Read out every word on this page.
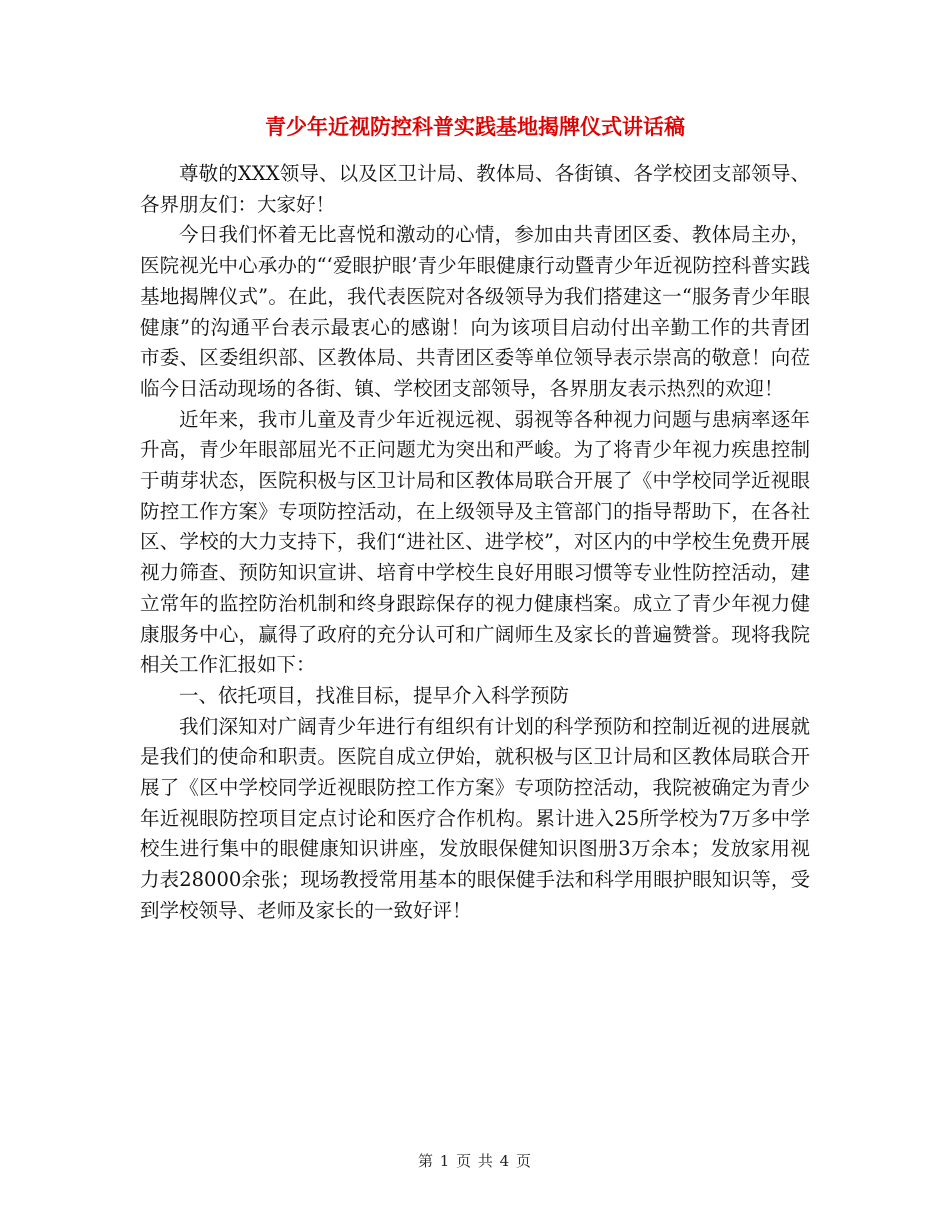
青少年近视防控科普实践基地揭牌仪式讲话稿

尊敬的XXX领导、以及区卫计局、教体局、各街镇、各学校团支部领导、各界朋友们：大家好！

今日我们怀着无比喜悦和激动的心情，参加由共青团区委、教体局主办，医院视光中心承办的“‘爱眼护眼’青少年眼健康行动暨青少年近视防控科普实践基地揭牌仪式”。在此，我代表医院对各级领导为我们搭建这一“服务青少年眼健康”的沟通平台表示最衷心的感谢！向为该项目启动付出辛勤工作的共青团市委、区委组织部、区教体局、共青团区委等单位领导表示崇高的敬意！向莅临今日活动现场的各街、镇、学校团支部领导，各界朋友表示热烈的欢迎！

近年来，我市儿童及青少年近视远视、弱视等各种视力问题与患病率逐年升高，青少年眼部屈光不正问题尤为突出和严峻。为了将青少年视力疾患控制于萌芽状态，医院积极与区卫计局和区教体局联合开展了《中学校同学近视眼防控工作方案》专项防控活动，在上级领导及主管部门的指导帮助下，在各社区、学校的大力支持下，我们“进社区、进学校”，对区内的中学校生免费开展视力筛查、预防知识宣讲、培育中学校生良好用眼习惯等专业性防控活动，建立常年的监控防治机制和终身跟踪保存的视力健康档案。成立了青少年视力健康服务中心，赢得了政府的充分认可和广阔师生及家长的普遍赞誉。现将我院相关工作汇报如下：

一、依托项目，找准目标，提早介入科学预防

我们深知对广阔青少年进行有组织有计划的科学预防和控制近视的进展就是我们的使命和职责。医院自成立伊始，就积极与区卫计局和区教体局联合开展了《区中学校同学近视眼防控工作方案》专项防控活动，我院被确定为青少年近视眼防控项目定点讨论和医疗合作机构。累计进入25所学校为7万多中学校生进行集中的眼健康知识讲座，发放眼保健知识图册3万余本；发放家用视力表28000余张；现场教授常用基本的眼保健手法和科学用眼护眼知识等，受到学校领导、老师及家长的一致好评！

第 1 页 共 4 页
